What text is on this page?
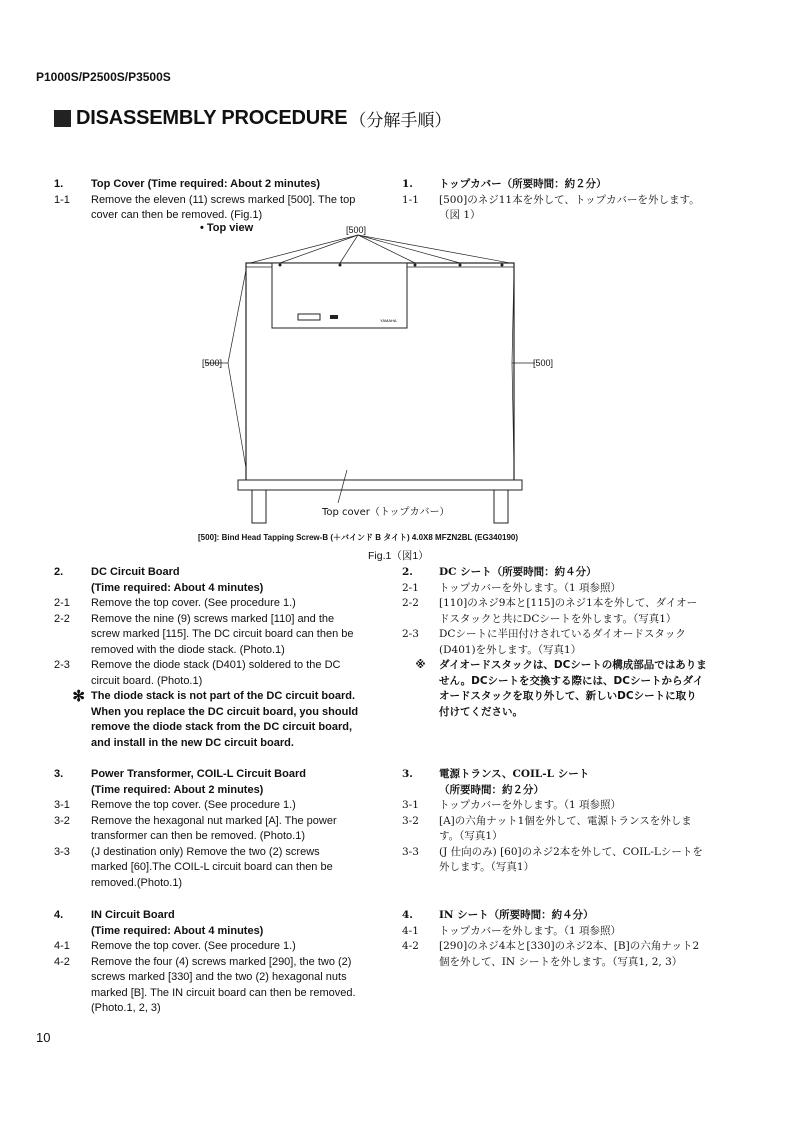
P1000S/P2500S/P3500S
DISASSEMBLY PROCEDURE （分解手順）
1.	Top Cover (Time required: About 2 minutes)
1-1	Remove the eleven (11) screws marked [500]. The top cover can then be removed. (Fig.1)
1.	トップカバー（所要時間：約２分）
1-1	[500]のネジ11本を外して、トップカバーを外します。（図 1）
• Top view
YAMAHA
[500]
[500]	[500]
Top cover（トップカバー）
[500]: Bind Head Tapping Screw-B (＋バインド B タイト) 4.0X8 MFZN2BL (EG340190)
Fig.1（図1）
2.	DC Circuit Board
(Time required: About 4 minutes)
2-1	Remove the top cover. (See procedure 1.)
2-2	Remove the nine (9) screws marked [110] and the screw marked [115]. The DC circuit board can then be removed with the diode stack. (Photo.1)
2-3	Remove the diode stack (D401) soldered to the DC circuit board. (Photo.1)
✻ The diode stack is not part of the DC circuit board. When you replace the DC circuit board, you should remove the diode stack from the DC circuit board, and install in the new DC circuit board.
2.	DC シート（所要時間：約４分）
2-1	トップカバーを外します。（1 項参照）
2-2	[110]のネジ9本と[115]のネジ1本を外して、ダイオードスタックと共にDCシートを外します。（写真1）
2-3	DCシートに半田付けされているダイオードスタック(D401)を外します。（写真1）
※	ダイオードスタックは、DCシートの構成部品ではありません。DCシートを交換する際には、DCシートからダイオードスタックを取り外して、新しいDCシートに取り付けてください。
3.	Power Transformer, COIL-L Circuit Board
(Time required: About 2 minutes)
3-1	Remove the top cover. (See procedure 1.)
3-2	Remove the hexagonal nut marked [A]. The power transformer can then be removed. (Photo.1)
3-3	(J destination only) Remove the two (2) screws marked [60].The COIL-L circuit board can then be removed.(Photo.1)
3.	電源トランス、COIL-L シート
（所要時間：約２分）
3-1	トップカバーを外します。（1 項参照）
3-2	[A]の六角ナット1個を外して、電源トランスを外します。（写真1）
3-3	(J 仕向のみ) [60]のネジ2本を外して、COIL-Lシートを外します。（写真1）
4.	IN Circuit Board
(Time required: About 4 minutes)
4-1	Remove the top cover. (See procedure 1.)
4-2	Remove the four (4) screws marked [290], the two (2) screws marked [330] and the two (2) hexagonal nuts marked [B]. The IN circuit board can then be removed. (Photo.1, 2, 3)
4.	IN シート（所要時間：約４分）
4-1	トップカバーを外します。（1 項参照）
4-2	[290]のネジ4本と[330]のネジ2本、[B]の六角ナット2個を外して、IN シートを外します。（写真1, 2, 3）
10
